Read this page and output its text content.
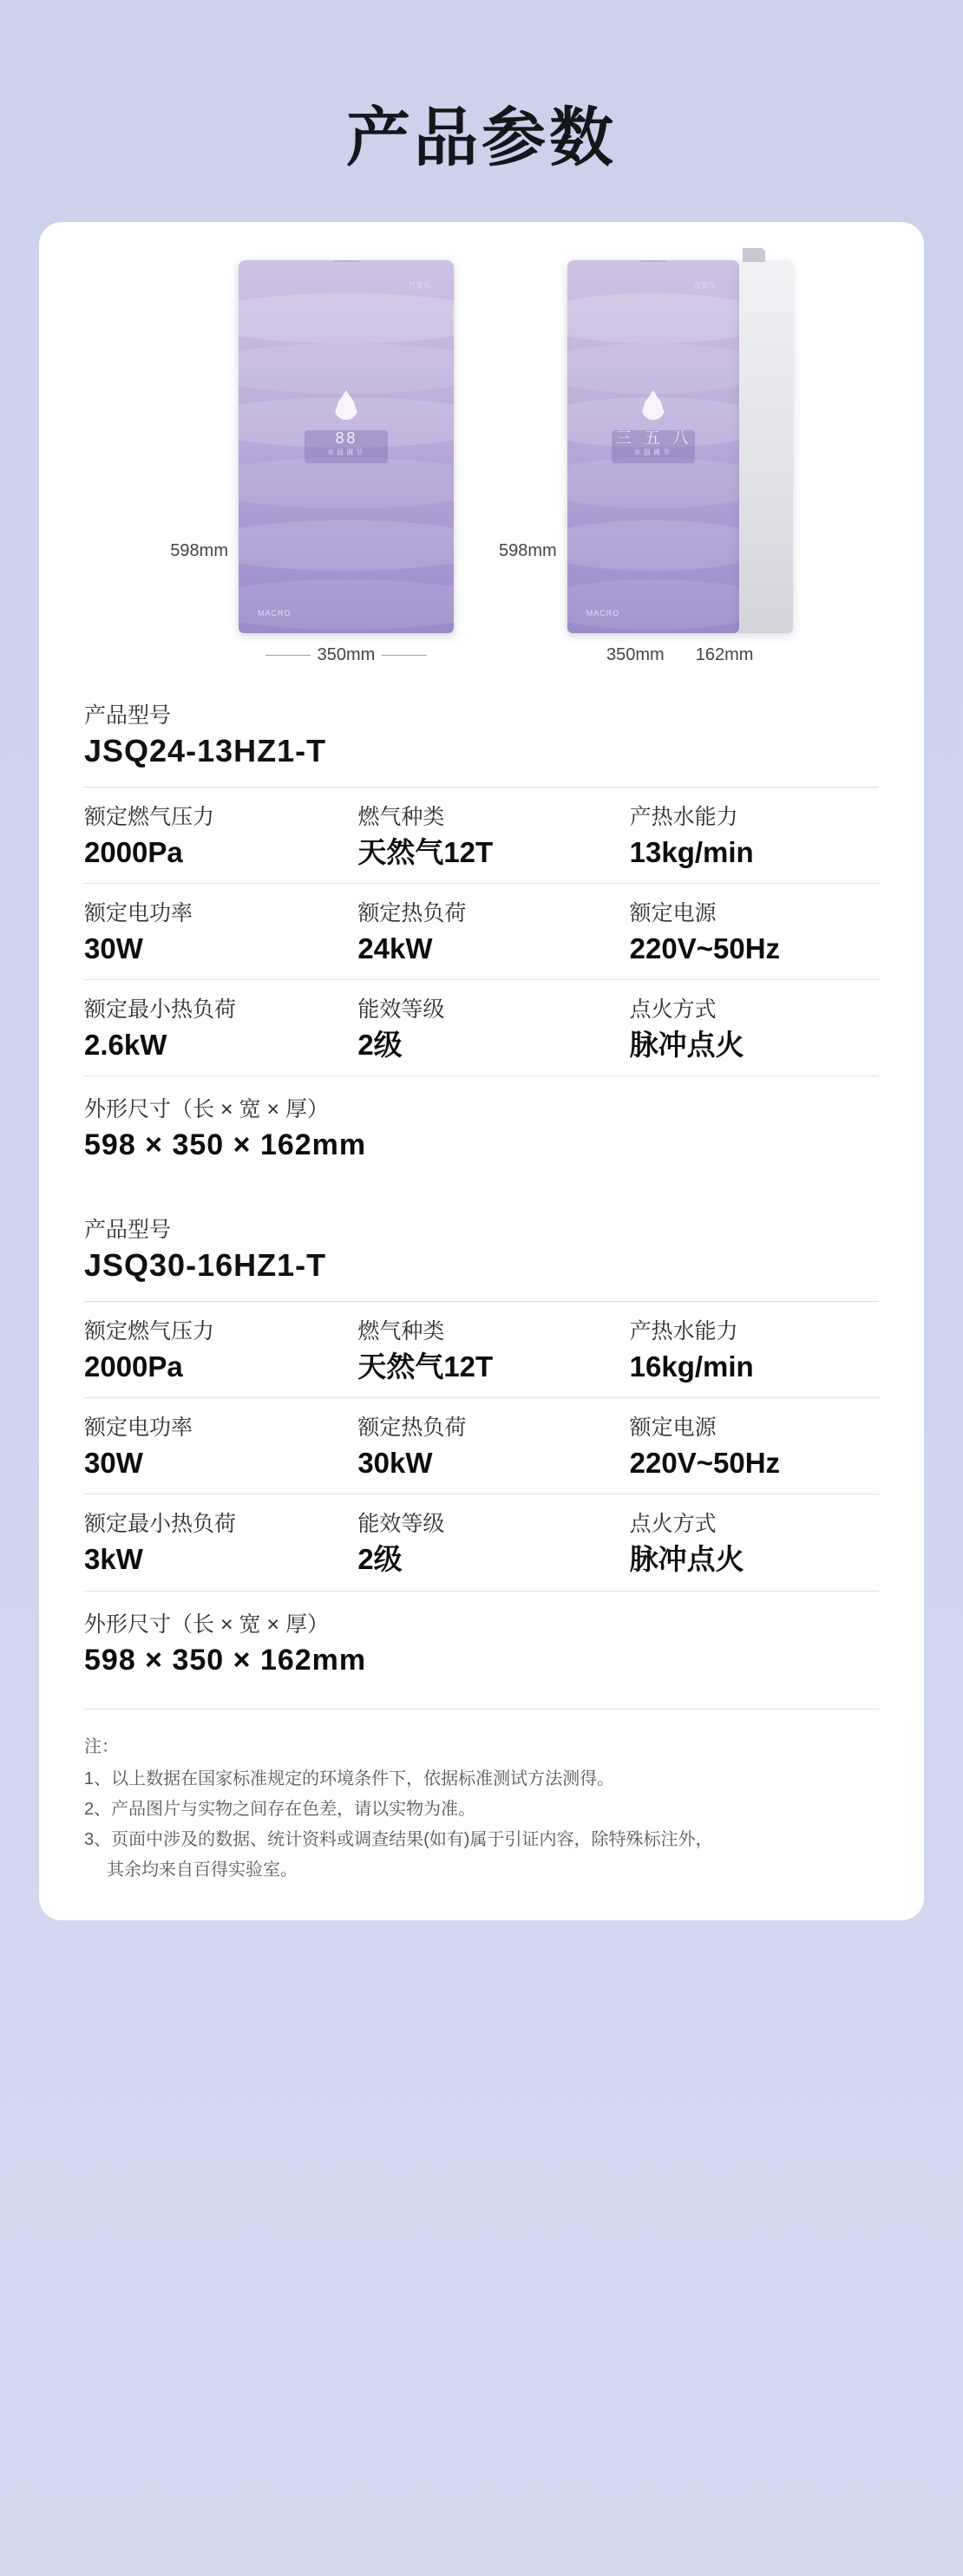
产品参数
598mm
万家乐
88
水温调节
MACRO
350mm
598mm
万家乐
三 五 八
水温调节
MACRO
350mm 162mm
产品型号
JSQ24-13HZ1-T
额定燃气压力
2000Pa
燃气种类
天然气12T
产热水能力
13kg/min
额定电功率
30W
额定热负荷
24kW
额定电源
220V~50Hz
额定最小热负荷
2.6kW
能效等级
2级
点火方式
脉冲点火
外形尺寸（长 × 宽 × 厚）
598 × 350 × 162mm
产品型号
JSQ30-16HZ1-T
额定燃气压力
2000Pa
燃气种类
天然气12T
产热水能力
16kg/min
额定电功率
30W
额定热负荷
30kW
额定电源
220V~50Hz
额定最小热负荷
3kW
能效等级
2级
点火方式
脉冲点火
外形尺寸（长 × 宽 × 厚）
598 × 350 × 162mm
注：
1、以上数据在国家标准规定的环境条件下，依据标准测试方法测得。
2、产品图片与实物之间存在色差，请以实物为准。
3、页面中涉及的数据、统计资料或调查结果(如有)属于引证内容，除特殊标注外，
其余均来自百得实验室。
